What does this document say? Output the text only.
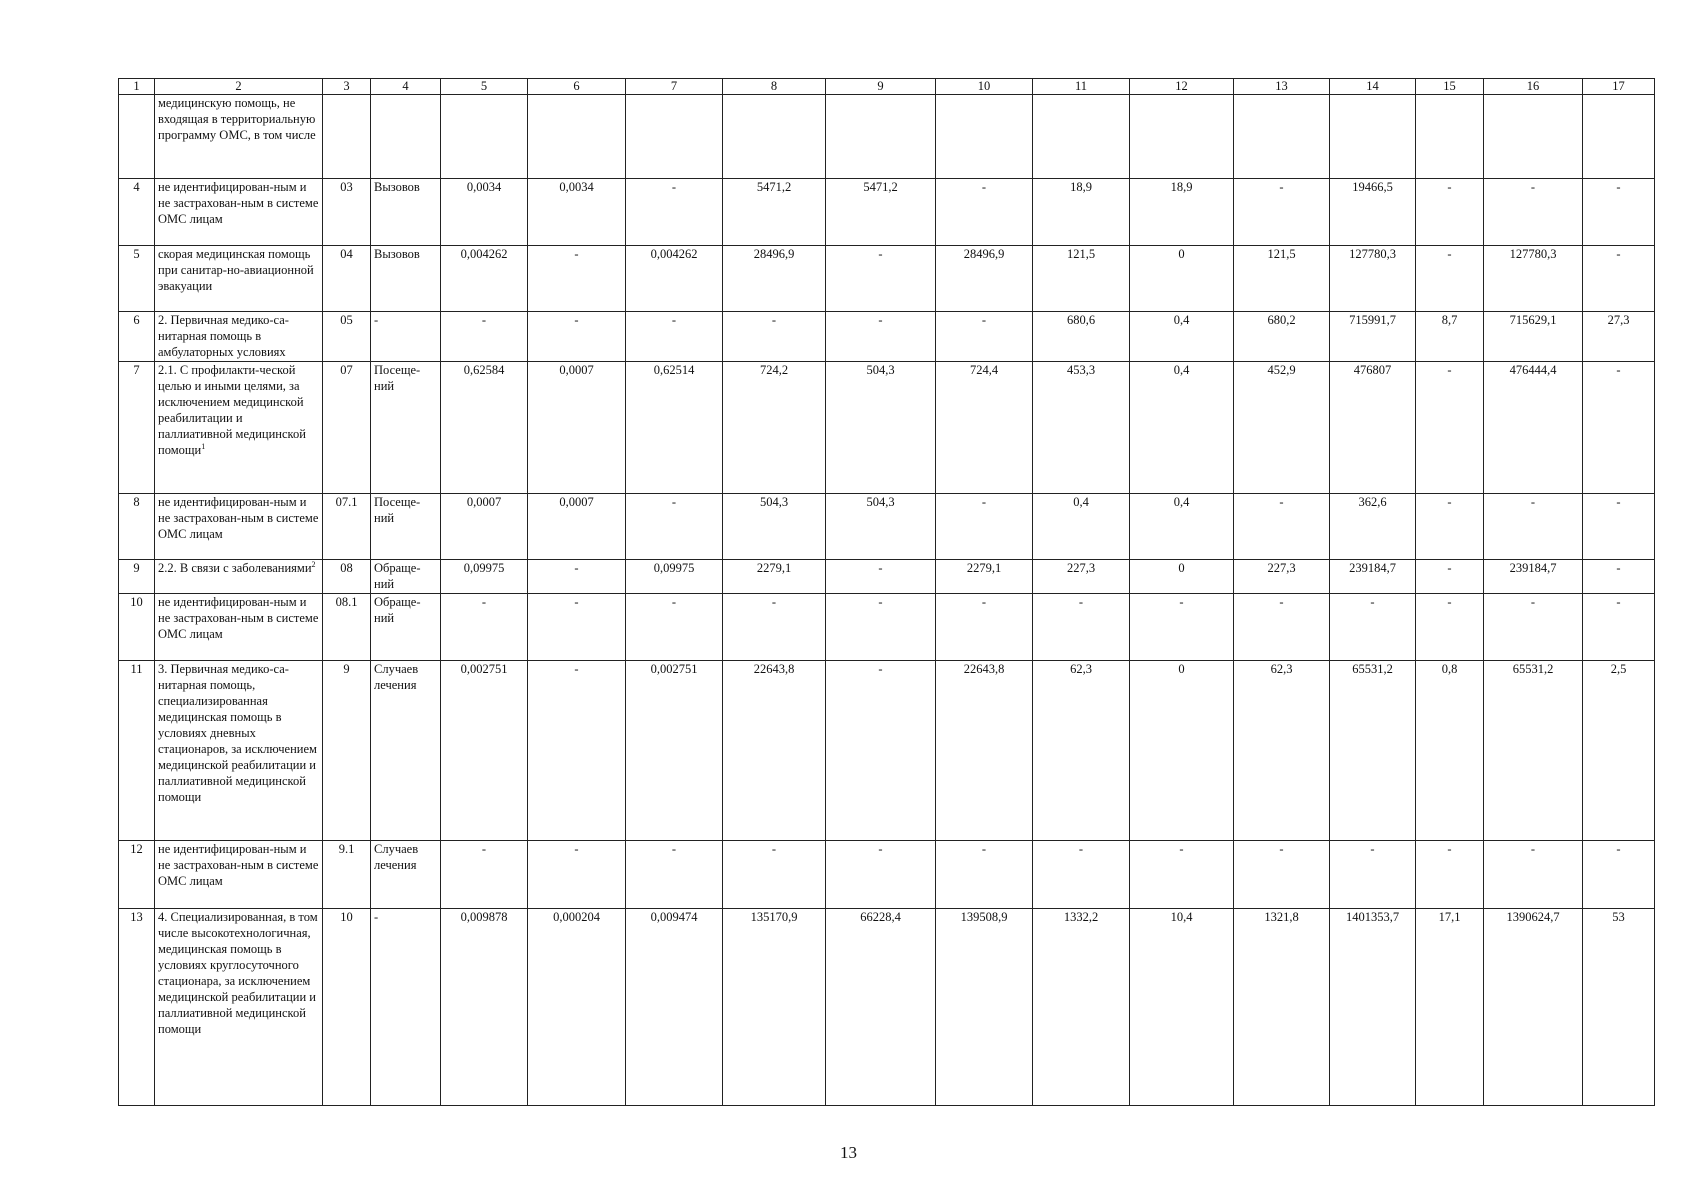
1	2	3	4	5	6	7	8	9	10	11	12	13	14	15	16	17
	медицинскую помощь, не входящая в территориальную программу ОМС, в том числе															
4	не идентифицирован-ным и не застрахован-ным в системе ОМС лицам	03	Вызовов	0,0034	0,0034	-	5471,2	5471,2	-	18,9	18,9	-	19466,5	-	-	-
5	скорая медицинская помощь при санитар-но-авиационной эвакуации	04	Вызовов	0,004262	-	0,004262	28496,9	-	28496,9	121,5	0	121,5	127780,3	-	127780,3	-
6	2. Первичная медико-са-нитарная помощь в амбулаторных условиях	05	-	-	-	-	-	-	-	680,6	0,4	680,2	715991,7	8,7	715629,1	27,3
7	2.1. С профилакти-ческой целью и иными целями, за исключением медицинской реабилитации и паллиативной медицинской помощи$^1$	07	Посеще-ний	0,62584	0,0007	0,62514	724,2	504,3	724,4	453,3	0,4	452,9	476807	-	476444,4	-
8	не идентифицирован-ным и не застрахован-ным в системе ОМС лицам	07.1	Посеще-ний	0,0007	0,0007	-	504,3	504,3	-	0,4	0,4	-	362,6	-	-	-
9	2.2. В связи с заболеваниями$^2$	08	Обраще-ний	0,09975	-	0,09975	2279,1	-	2279,1	227,3	0	227,3	239184,7	-	239184,7	-
10	не идентифицирован-ным и не застрахован-ным в системе ОМС лицам	08.1	Обраще-ний	-	-	-	-	-	-	-	-	-	-	-	-	-
11	3. Первичная медико-са-нитарная помощь, специализированная медицинская помощь в условиях дневных стационаров, за исключением медицинской реабилитации и паллиативной медицинской помощи	9	Случаев лечения	0,002751	-	0,002751	22643,8	-	22643,8	62,3	0	62,3	65531,2	0,8	65531,2	2,5
12	не идентифицирован-ным и не застрахован-ным в системе ОМС лицам	9.1	Случаев лечения	-	-	-	-	-	-	-	-	-	-	-	-	-
13	4. Специализированная, в том числе высокотехнологичная, медицинская помощь в условиях круглосуточного стационара, за исключением медицинской реабилитации и паллиативной медицинской помощи	10	-	0,009878	0,000204	0,009474	135170,9	66228,4	139508,9	1332,2	10,4	1321,8	1401353,7	17,1	1390624,7	53
13
